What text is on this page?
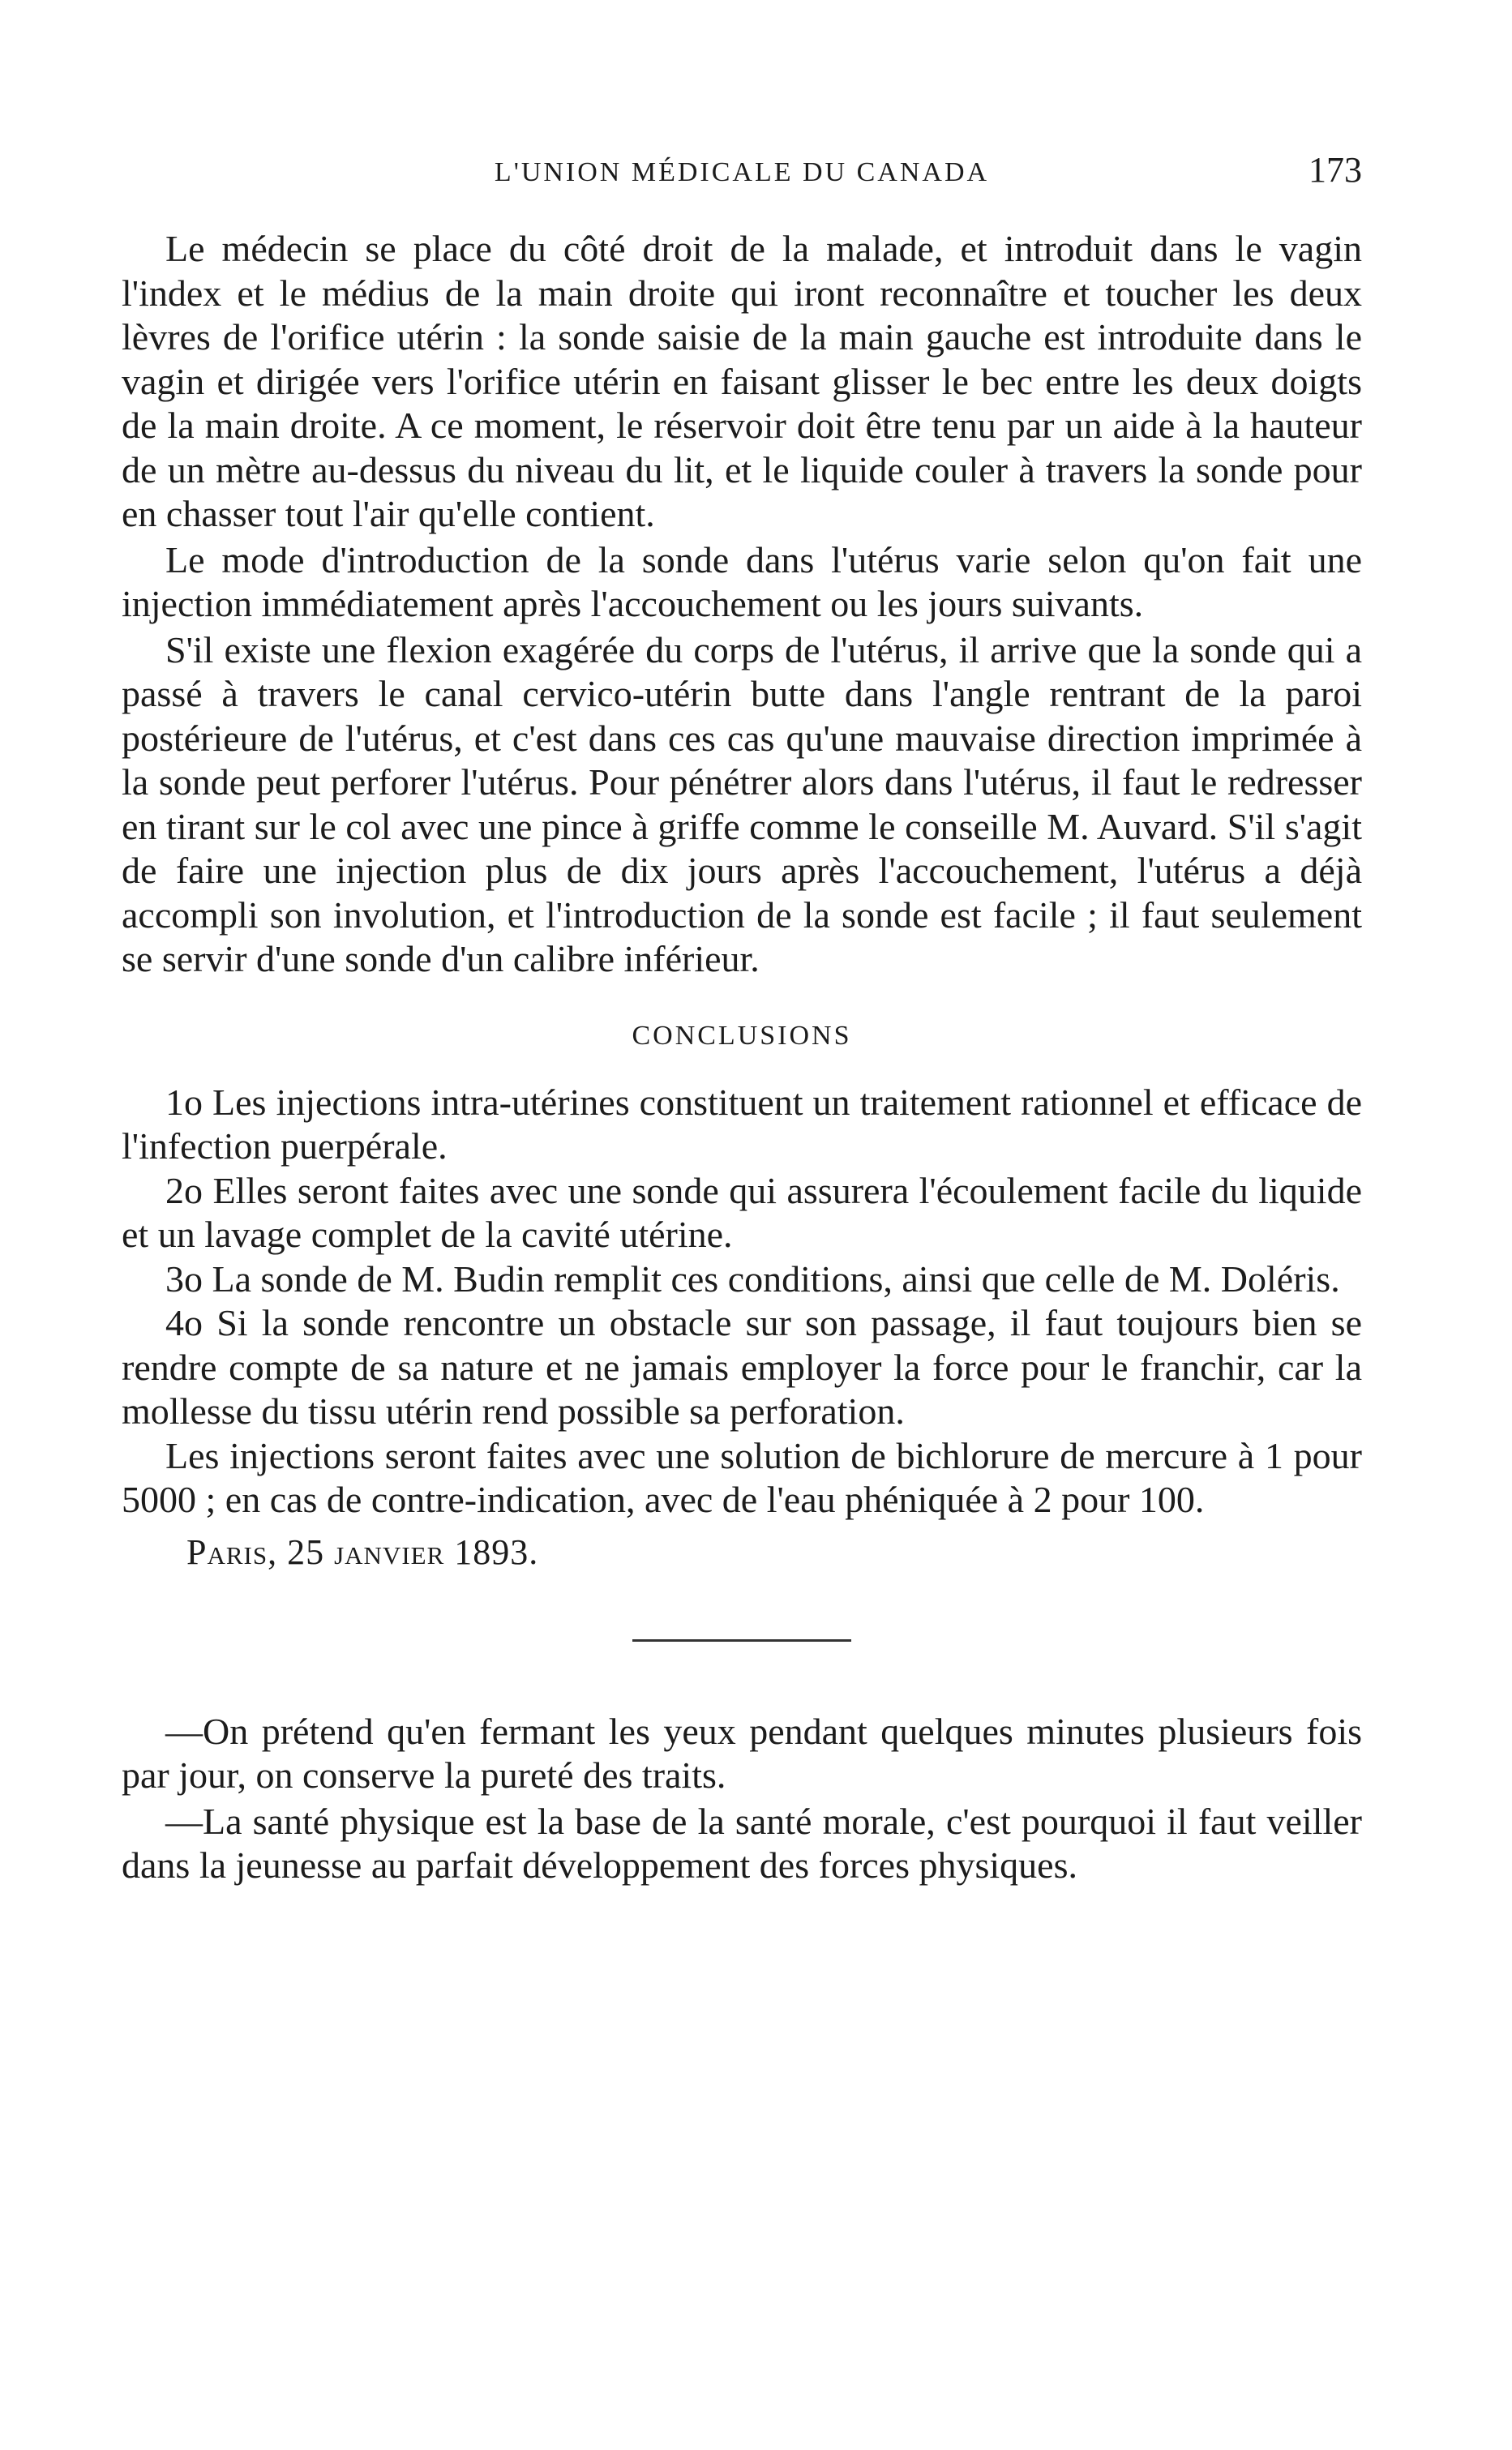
L'UNION MÉDICALE DU CANADA	173

Le médecin se place du côté droit de la malade, et introduit dans le vagin l'index et le médius de la main droite qui iront reconnaître et toucher les deux lèvres de l'orifice utérin : la sonde saisie de la main gauche est introduite dans le vagin et dirigée vers l'orifice utérin en faisant glisser le bec entre les deux doigts de la main droite. A ce moment, le réservoir doit être tenu par un aide à la hauteur de un mètre au-dessus du niveau du lit, et le liquide couler à travers la sonde pour en chasser tout l'air qu'elle contient.

Le mode d'introduction de la sonde dans l'utérus varie selon qu'on fait une injection immédiatement après l'accouchement ou les jours suivants.

S'il existe une flexion exagérée du corps de l'utérus, il arrive que la sonde qui a passé à travers le canal cervico-utérin butte dans l'angle rentrant de la paroi postérieure de l'utérus, et c'est dans ces cas qu'une mauvaise direction imprimée à la sonde peut perforer l'utérus. Pour pénétrer alors dans l'utérus, il faut le redresser en tirant sur le col avec une pince à griffe comme le conseille M. Auvard. S'il s'agit de faire une injection plus de dix jours après l'accouchement, l'utérus a déjà accompli son involution, et l'introduction de la sonde est facile ; il faut seulement se servir d'une sonde d'un calibre inférieur.

CONCLUSIONS

1o Les injections intra-utérines constituent un traitement rationnel et efficace de l'infection puerpérale.

2o Elles seront faites avec une sonde qui assurera l'écoulement facile du liquide et un lavage complet de la cavité utérine.

3o La sonde de M. Budin remplit ces conditions, ainsi que celle de M. Doléris.

4o Si la sonde rencontre un obstacle sur son passage, il faut toujours bien se rendre compte de sa nature et ne jamais employer la force pour le franchir, car la mollesse du tissu utérin rend possible sa perforation.

Les injections seront faites avec une solution de bichlorure de mercure à 1 pour 5000 ; en cas de contre-indication, avec de l'eau phéniquée à 2 pour 100.

Paris, 25 janvier 1893.

—On prétend qu'en fermant les yeux pendant quelques minutes plusieurs fois par jour, on conserve la pureté des traits.

—La santé physique est la base de la santé morale, c'est pourquoi il faut veiller dans la jeunesse au parfait développement des forces physiques.
